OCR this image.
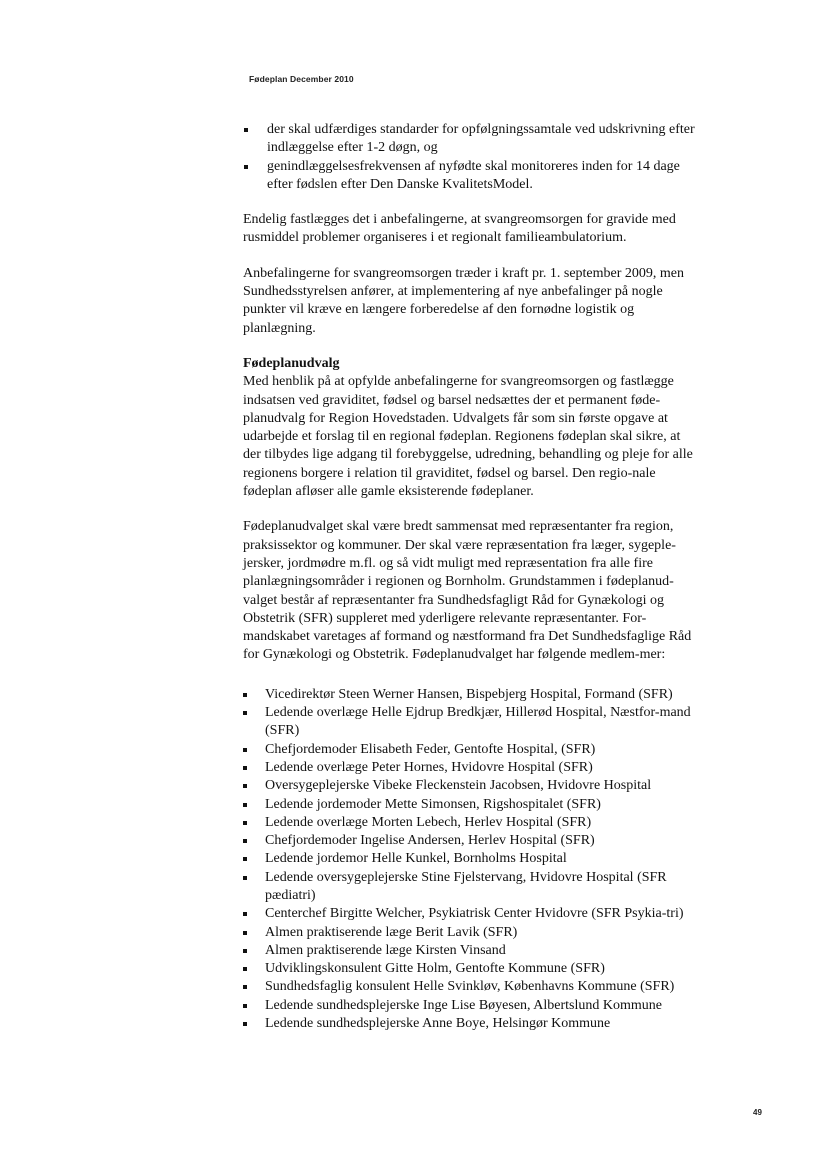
Fødeplan December 2010
der skal udfærdiges standarder for opfølgningssamtale ved udskrivning efter indlæggelse efter 1-2 døgn, og
genindlæggelsesfrekvensen af nyfødte skal monitoreres inden for 14 dage efter fødslen efter Den Danske KvalitetsModel.

Endelig fastlægges det i anbefalingerne, at svangreomsorgen for gravide med rusmiddel problemer organiseres i et regionalt familieambulatorium.

Anbefalingerne for svangreomsorgen træder i kraft pr. 1. september 2009, men Sundhedsstyrelsen anfører, at implementering af nye anbefalinger på nogle punkter vil kræve en længere forberedelse af den fornødne logistik og planlægning.

Fødeplanudvalg

Med henblik på at opfylde anbefalingerne for svangreomsorgen og fastlægge indsatsen ved graviditet, fødsel og barsel nedsættes der et permanent føde-planudvalg for Region Hovedstaden. Udvalgets får som sin første opgave at udarbejde et forslag til en regional fødeplan. Regionens fødeplan skal sikre, at der tilbydes lige adgang til forebyggelse, udredning, behandling og pleje for alle regionens borgere i relation til graviditet, fødsel og barsel. Den regio-nale fødeplan afløser alle gamle eksisterende fødeplaner.

Fødeplanudvalget skal være bredt sammensat med repræsentanter fra region, praksissektor og kommuner. Der skal være repræsentation fra læger, sygeple-jersker, jordmødre m.fl. og så vidt muligt med repræsentation fra alle fire planlægningsområder i regionen og Bornholm. Grundstammen i fødeplanud-valget består af repræsentanter fra Sundhedsfagligt Råd for Gynækologi og Obstetrik (SFR) suppleret med yderligere relevante repræsentanter. For-mandskabet varetages af formand og næstformand fra Det Sundhedsfaglige Råd for Gynækologi og Obstetrik. Fødeplanudvalget har følgende medlem-mer:

Vicedirektør Steen Werner Hansen, Bispebjerg Hospital, Formand (SFR)
Ledende overlæge Helle Ejdrup Bredkjær, Hillerød Hospital, Næstfor-mand (SFR)
Chefjordemoder Elisabeth Feder, Gentofte Hospital, (SFR)
Ledende overlæge Peter Hornes, Hvidovre Hospital (SFR)
Oversygeplejerske Vibeke Fleckenstein Jacobsen, Hvidovre Hospital
Ledende jordemoder Mette Simonsen, Rigshospitalet (SFR)
Ledende overlæge Morten Lebech, Herlev Hospital (SFR)
Chefjordemoder Ingelise Andersen, Herlev Hospital (SFR)
Ledende jordemor Helle Kunkel, Bornholms Hospital
Ledende oversygeplejerske Stine Fjelstervang, Hvidovre Hospital (SFR pædiatri)
Centerchef Birgitte Welcher, Psykiatrisk Center Hvidovre (SFR Psykia-tri)
Almen praktiserende læge Berit Lavik (SFR)
Almen praktiserende læge Kirsten Vinsand
Udviklingskonsulent Gitte Holm, Gentofte Kommune (SFR)
Sundhedsfaglig konsulent Helle Svinkløv, Københavns Kommune (SFR)
Ledende sundhedsplejerske Inge Lise Bøyesen, Albertslund Kommune
Ledende sundhedsplejerske Anne Boye, Helsingør Kommune
49
